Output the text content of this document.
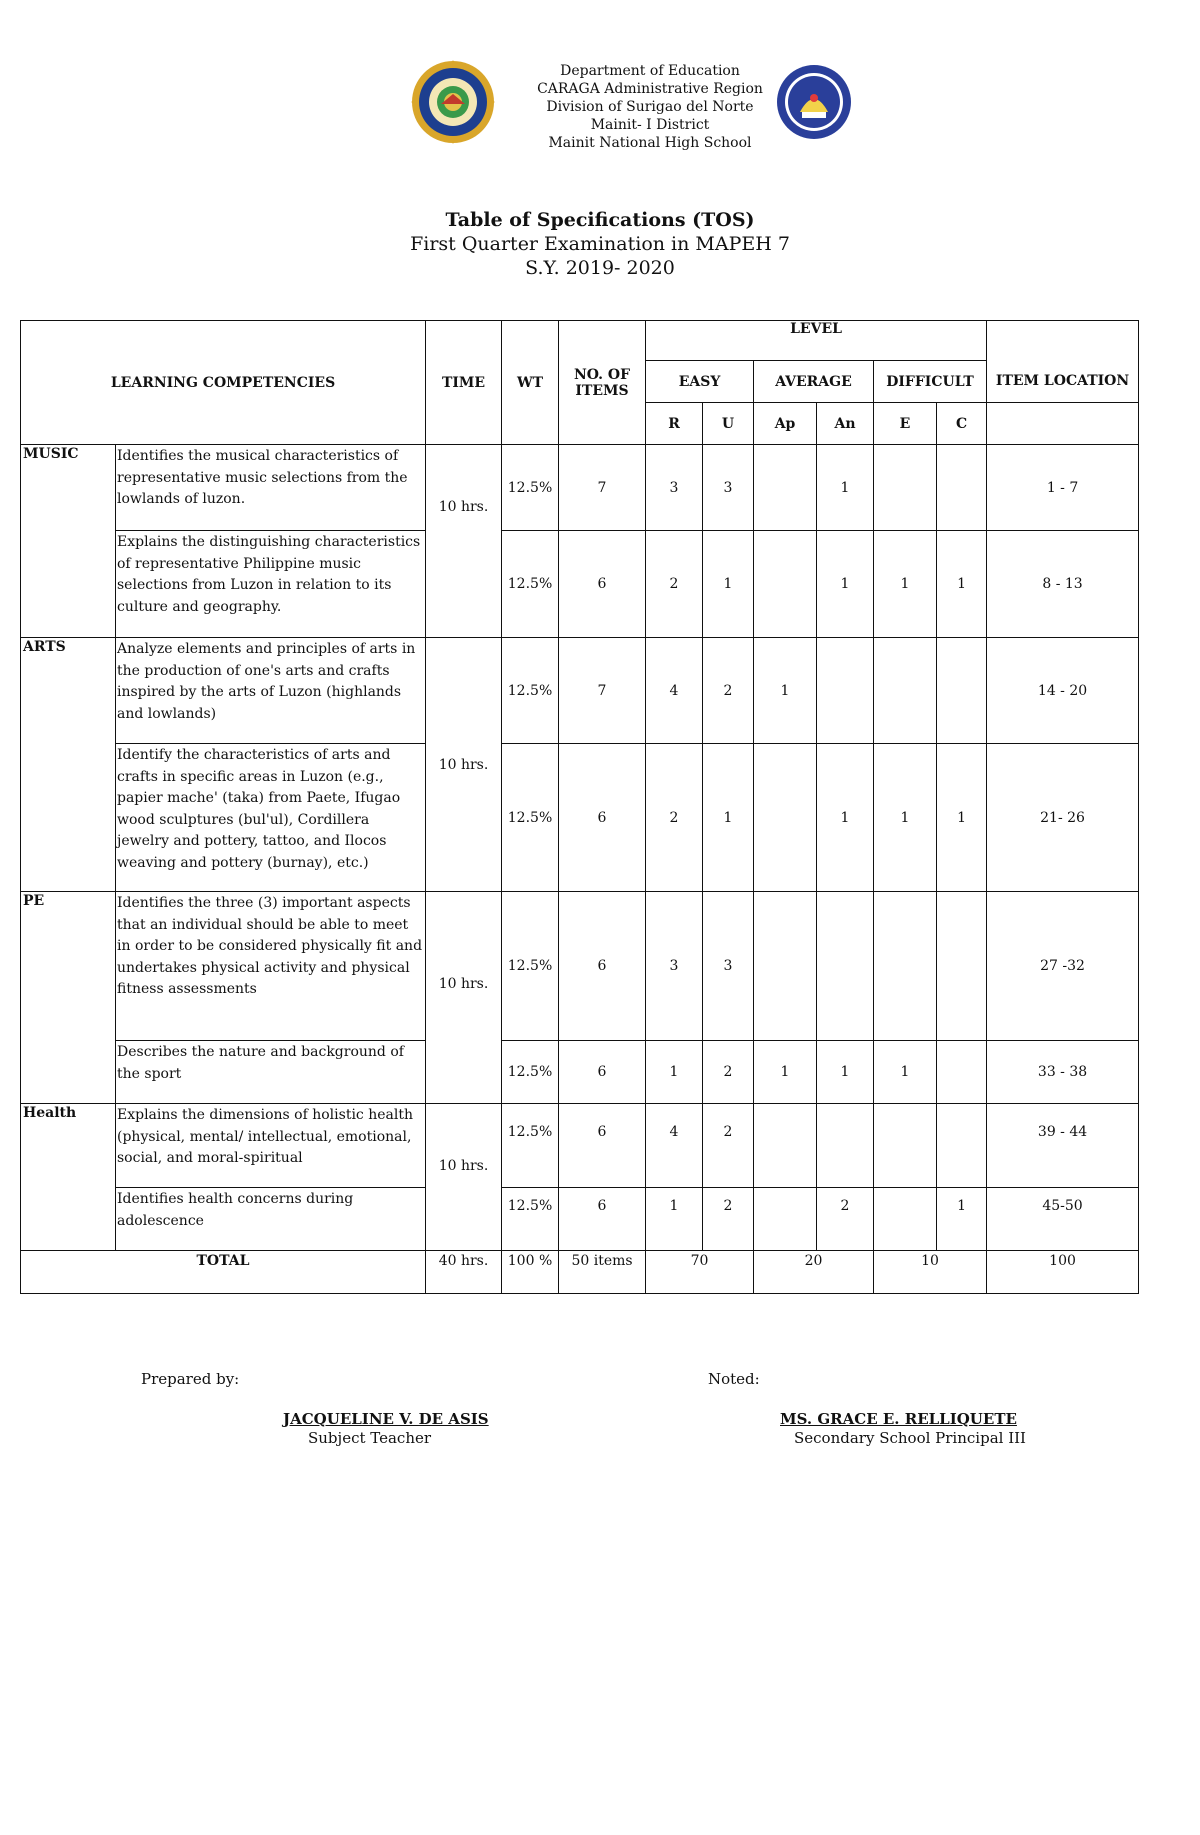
Department of Education
CARAGA Administrative Region
Division of Surigao del Norte
Mainit- I District
Mainit National High School
Table of Specifications (TOS)
First Quarter Examination in MAPEH 7
S.Y. 2019- 2020
LEARNING COMPETENCIES		TIME	WT	NO. OF ITEMS	LEVEL						
					EASY		AVERAGE		DIFFICULT		ITEM LOCATION
					R	U	Ap	An	E	C	
MUSIC	Identifies the musical characteristics of representative music selections from the lowlands of luzon.	10 hrs.	12.5%	7	3	3		1			1 - 7
	Explains the distinguishing characteristics of representative Philippine music selections from Luzon in relation to its culture and geography.		12.5%	6	2	1		1	1	1	8 - 13
ARTS	Analyze elements and principles of arts in the production of one's arts and crafts inspired by the arts of Luzon (highlands and lowlands)	10 hrs.	12.5%	7	4	2	1				14 - 20
	Identify the characteristics of arts and crafts in specific areas in Luzon (e.g., papier mache' (taka) from Paete, Ifugao wood sculptures (bul'ul), Cordillera jewelry and pottery, tattoo, and Ilocos weaving and pottery (burnay), etc.)		12.5%	6	2	1		1	1	1	21- 26
PE	Identifies the three (3) important aspects that an individual should be able to meet in order to be considered physically fit and undertakes physical activity and physical fitness assessments	10 hrs.	12.5%	6	3	3					27 -32
	Describes the nature and background of the sport		12.5%	6	1	2	1	1	1		33 - 38
Health	Explains the dimensions of holistic health (physical, mental/ intellectual, emotional, social, and moral-spiritual	10 hrs.	12.5%	6	4	2					39 - 44
	Identifies health concerns during adolescence		12.5%	6	1	2		2		1	45-50
TOTAL		40 hrs.	100 %	50 items	70		20		10		100
Prepared by:	Noted:
JACQUELINE V. DE ASIS
Subject Teacher
MS. GRACE E. RELLIQUETE
Secondary School Principal III
